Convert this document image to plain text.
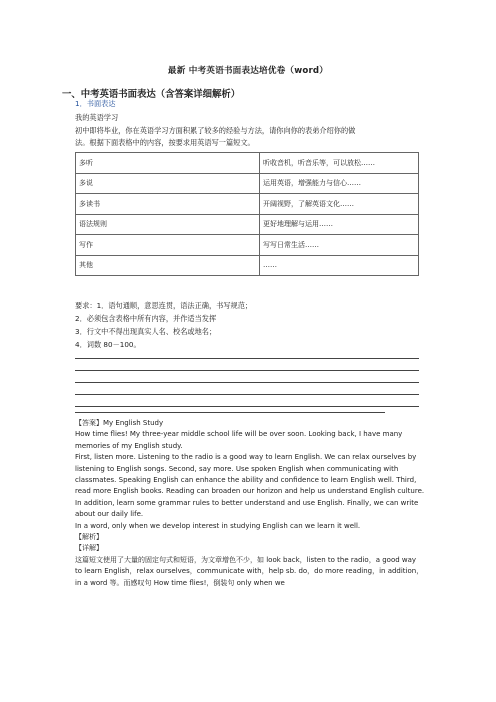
最新 中考英语书面表达培优卷（word）
一、中考英语书面表达（含答案详细解析）
1．书面表达
我的英语学习
初中即将毕业，你在英语学习方面积累了较多的经验与方法，请你向你的表弟介绍你的做
法。根据下面表格中的内容，按要求用英语写一篇短文。
多听	听收音机，听音乐等，可以放松……
多说	运用英语，增强能力与信心……
多读书	开阔视野，了解英语文化……
语法规则	更好地理解与运用……
写作	写写日常生活……
其他	……
要求：1．语句通顺，意思连贯，语法正确，书写规范；
2．必须包含表格中所有内容，并作适当发挥
3．行文中不得出现真实人名、校名或地名；
4．词数 80－100。

【答案】My English Study

How time flies! My three-year middle school life will be over soon. Looking back, I have many memories of my English study.

First, listen more. Listening to the radio is a good way to learn English. We can relax ourselves by listening to English songs. Second, say more. Use spoken English when communicating with classmates. Speaking English can enhance the ability and confidence to learn English well. Third, read more English books. Reading can broaden our horizon and help us understand English culture. In addition, learn some grammar rules to better understand and use English. Finally, we can write about our daily life.

In a word, only when we develop interest in studying English can we learn it well.

【解析】

【详解】

这篇短文使用了大量的固定句式和短语，为文章增色不少，如 look back，listen to the radio，a good way to learn English，relax ourselves，communicate with，help sb. do，do more reading，in addition，in a word 等。而感叹句 How time flies!，倒装句 only when we
